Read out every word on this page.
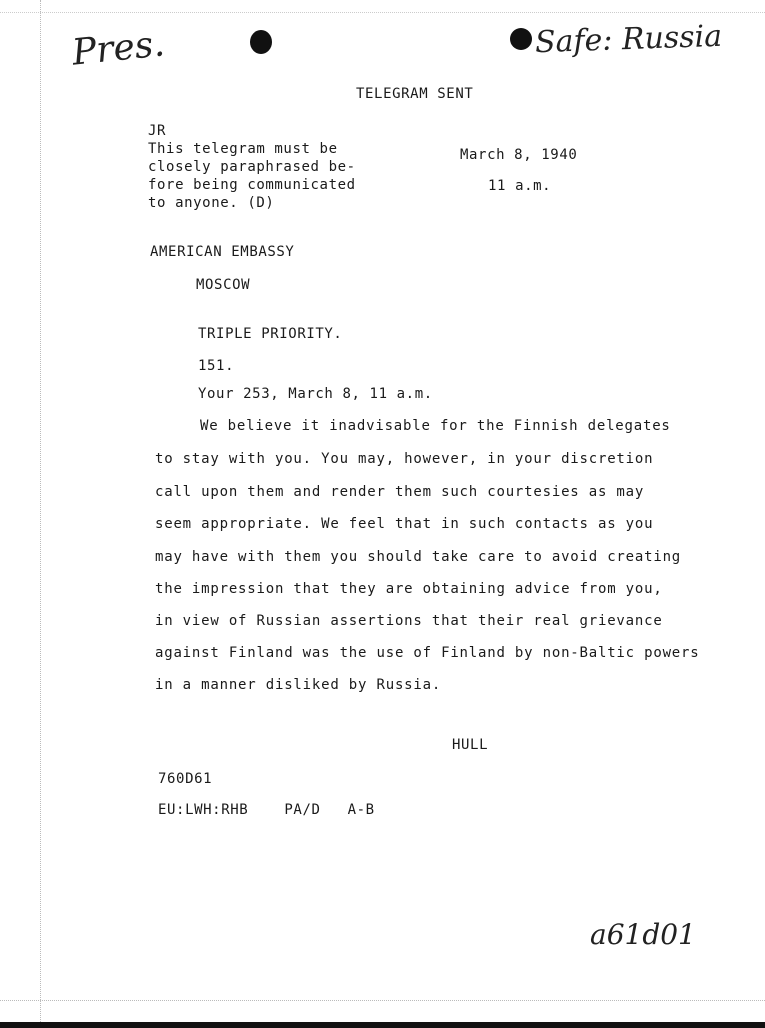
Pres.	Safe: Russia
TELEGRAM SENT
JR
This telegram must be
closely paraphrased be-
fore being communicated
to anyone. (D)
March 8, 1940
11 a.m.
AMERICAN EMBASSY
MOSCOW
TRIPLE PRIORITY.
151.
Your 253, March 8, 11 a.m.
We believe it inadvisable for the Finnish delegates
to stay with you. You may, however, in your discretion
call upon them and render them such courtesies as may
seem appropriate. We feel that in such contacts as you
may have with them you should take care to avoid creating
the impression that they are obtaining advice from you,
in view of Russian assertions that their real grievance
against Finland was the use of Finland by non-Baltic powers
in a manner disliked by Russia.
HULL
760D61
EU:LWH:RHB    PA/D   A-B
a61d01
